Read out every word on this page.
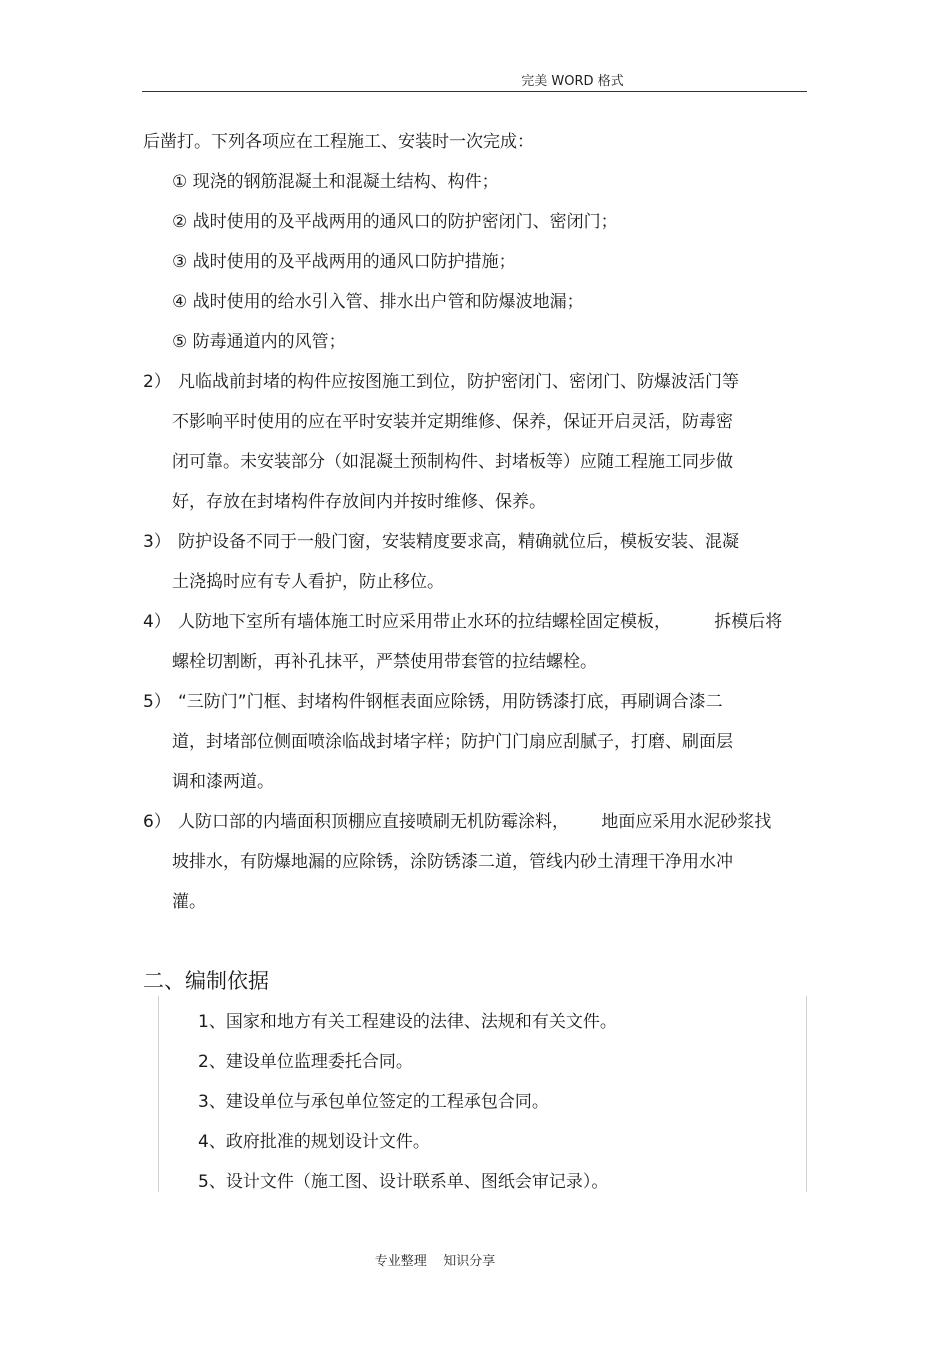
完美 WORD 格式
后凿打。下列各项应在工程施工、安装时一次完成：
① 现浇的钢筋混凝土和混凝土结构、构件；
② 战时使用的及平战两用的通风口的防护密闭门、密闭门；
③ 战时使用的及平战两用的通风口防护措施；
④ 战时使用的给水引入管、排水出户管和防爆波地漏；
⑤ 防毒通道内的风管；
2） 凡临战前封堵的构件应按图施工到位，防护密闭门、密闭门、防爆波活门等
不影响平时使用的应在平时安装并定期维修、保养，保证开启灵活，防毒密
闭可靠。未安装部分（如混凝土预制构件、封堵板等）应随工程施工同步做
好，存放在封堵构件存放间内并按时维修、保养。
3） 防护设备不同于一般门窗，安装精度要求高，精确就位后，模板安装、混凝
土浇捣时应有专人看护，防止移位。
4） 人防地下室所有墙体施工时应采用带止水环的拉结螺栓固定模板，        拆模后将
螺栓切割断，再补孔抹平，严禁使用带套管的拉结螺栓。
5） “三防门”门框、封堵构件钢框表面应除锈，用防锈漆打底，再刷调合漆二
道，封堵部位侧面喷涂临战封堵字样；防护门门扇应刮腻子，打磨、刷面层
调和漆两道。
6） 人防口部的内墙面积顶棚应直接喷刷无机防霉涂料，      地面应采用水泥砂浆找
坡排水，有防爆地漏的应除锈，涂防锈漆二道，管线内砂土清理干净用水冲
灌。
二、编制依据
1、国家和地方有关工程建设的法律、法规和有关文件。
2、建设单位监理委托合同。
3、建设单位与承包单位签定的工程承包合同。
4、政府批准的规划设计文件。
5、设计文件（施工图、设计联系单、图纸会审记录）。
专业整理    知识分享
